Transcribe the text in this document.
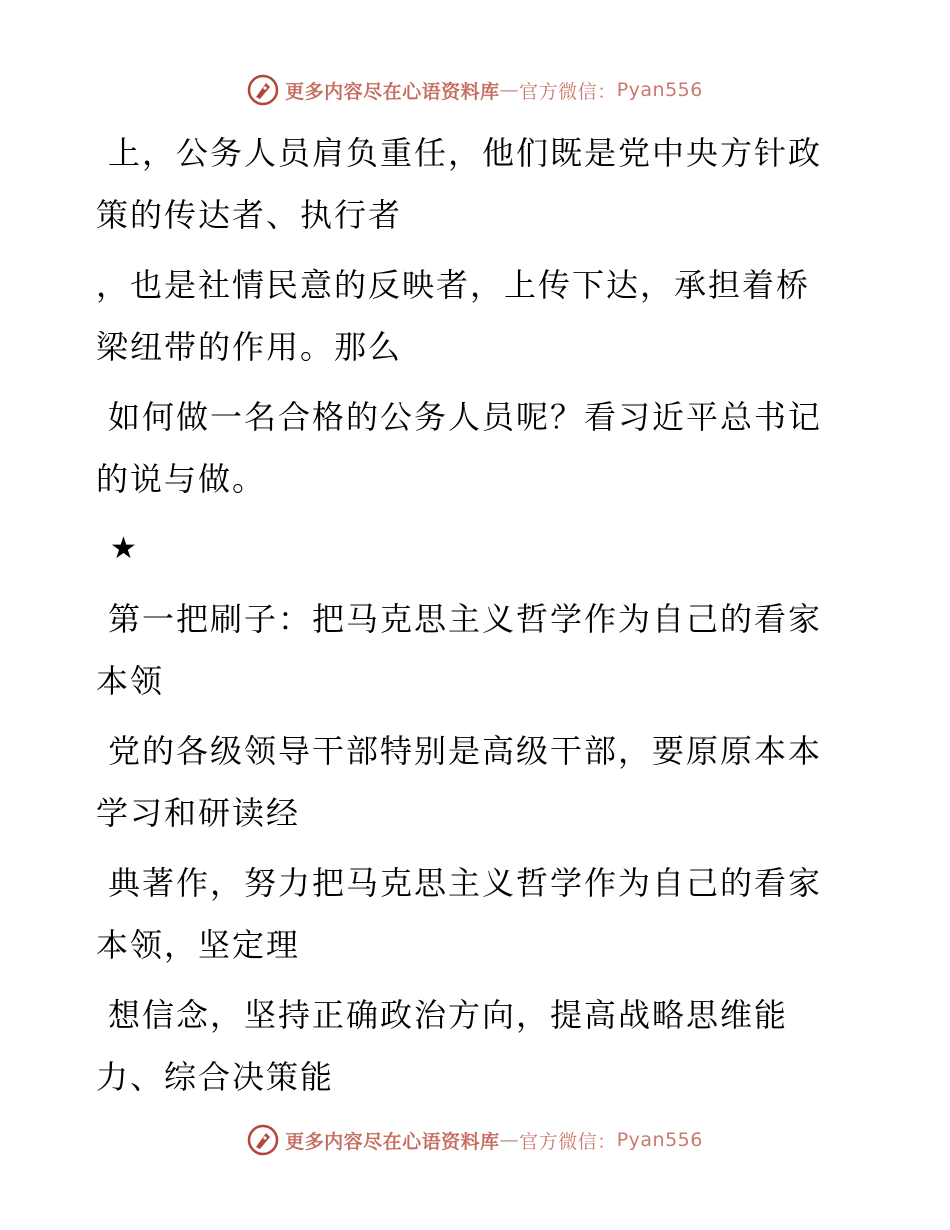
更多内容尽在心语资料库 — 官方微信： Pyan556

上，公务人员肩负重任，他们既是党中央方针政
策的传达者、执行者

，也是社情民意的反映者，上传下达，承担着桥
梁纽带的作用。那么

如何做一名合格的公务人员呢？看习近平总书记
的说与做。

★

第一把刷子：把马克思主义哲学作为自己的看家
本领

党的各级领导干部特别是高级干部，要原原本本
学习和研读经

典著作，努力把马克思主义哲学作为自己的看家
本领，坚定理

想信念，坚持正确政治方向，提高战略思维能
力、综合决策能

更多内容尽在心语资料库 — 官方微信： Pyan556
